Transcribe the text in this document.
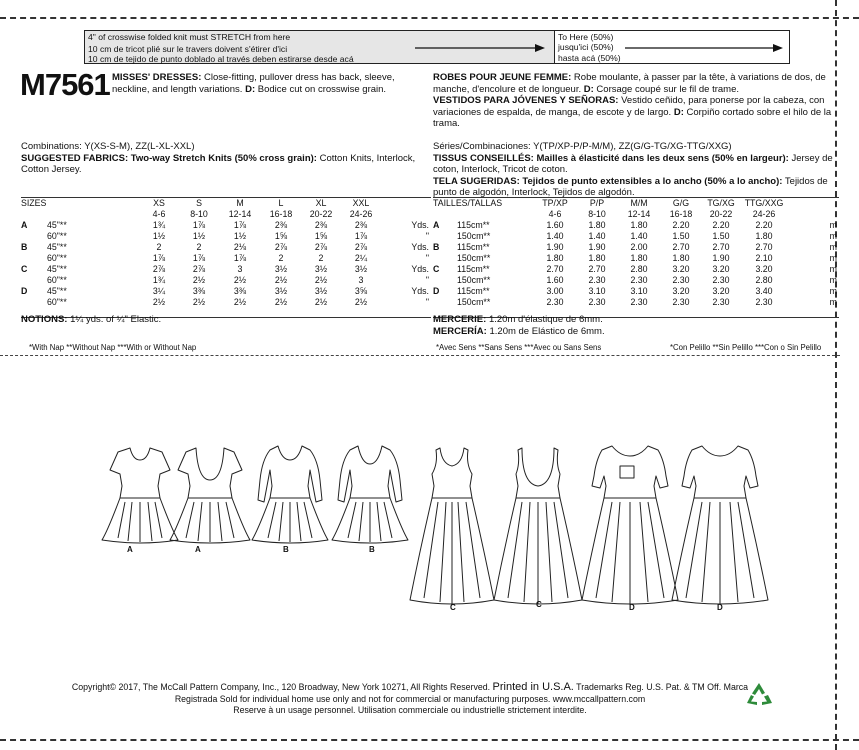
4" of crosswise folded knit must STRETCH from here
10 cm de tricot plié sur le travers doivent s'étirer d'ici
10 cm de tejido de punto doblado al través deben estirarse desde acá
To Here (50%)
jusqu'ici (50%)
hasta acá (50%)
M7561 MISSES' DRESSES: Close-fitting, pullover dress has back, sleeve, neckline, and length variations. D: Bodice cut on crosswise grain.
ROBES POUR JEUNE FEMME: Robe moulante, à passer par la tête, à variations de dos, de manche, d'encolure et de longueur. D: Corsage coupé sur le fil de trame.
VESTIDOS PARA JÓVENES Y SEÑORAS: Vestido ceñido, para ponerse por la cabeza, con variaciones de espalda, de manga, de escote y de largo. D: Corpiño cortado sobre el hilo de la trama.
Combinations: Y(XS-S-M), ZZ(L-XL-XXL)
SUGGESTED FABRICS: Two-way Stretch Knits (50% cross grain): Cotton Knits, Interlock, Cotton Jersey.
Séries/Combinaciones: Y(TP/XP-P/P-M/M), ZZ(G/G-TG/XG-TTG/XXG)
TISSUS CONSEILLÉS: Mailles à élasticité dans les deux sens (50% en largeur): Jersey de coton, Interlock, Tricot de coton.
TELA SUGERIDAS: Tejidos de punto extensibles a lo ancho (50% a lo ancho): Tejidos de punto de algodón, Interlock, Tejidos de algodón.
SIZES		XS	S	M	L	XL	XXL	
		4-6	8-10	12-14	16-18	20-22	24-26	
A	45"**	1¾	1⅞	1⅞	2⅜	2⅜	2⅜	Yds.
	60"**	1½	1½	1½	1⅝	1⅝	1⅞	"
B	45"**	2	2	2⅛	2⅞	2⅞	2⅞	Yds.
	60"**	1⅞	1⅞	1⅞	2	2	2¼	"
C	45"**	2⅞	2⅞	3	3½	3½	3½	Yds.
	60"**	1¾	2½	2½	2½	2½	3	"
D	45"**	3¼	3⅜	3⅜	3½	3½	3⅝	Yds.
	60"**	2½	2½	2½	2½	2½	2½	"
TAILLES/TALLAS		TP/XP	P/P	M/M	G/G	TG/XG	TTG/XXG	
		4-6	8-10	12-14	16-18	20-22	24-26	
A	115cm**	1.60	1.80	1.80	2.20	2.20	2.20	m
	150cm**	1.40	1.40	1.40	1.50	1.50	1.80	m
B	115cm**	1.90	1.90	2.00	2.70	2.70	2.70	m
	150cm**	1.80	1.80	1.80	1.80	1.90	2.10	m
C	115cm**	2.70	2.70	2.80	3.20	3.20	3.20	m
	150cm**	1.60	2.30	2.30	2.30	2.30	2.80	m
D	115cm**	3.00	3.10	3.10	3.20	3.20	3.40	m
	150cm**	2.30	2.30	2.30	2.30	2.30	2.30	m
NOTIONS: 1¼ yds. of ¼" Elastic.	MERCERIE: 1.20m d'élastique de 6mm.
MERCERÍA: 1.20m de Elástico de 6mm.
*With Nap **Without Nap ***With or Without Nap	*Avec Sens **Sans Sens ***Avec ou Sans Sens	*Con Pelillo **Sin Pelillo ***Con o Sin Pelillo
A	A	B	B
C	C	D	D
Copyright© 2017, The McCall Pattern Company, Inc., 120 Broadway, New York 10271, All Rights Reserved. Printed in U.S.A. Trademarks Reg. U.S. Pat. & TM Off. Marca
Registrada Sold for individual home use only and not for commercial or manufacturing purposes. www.mccallpattern.com
Reserve à un usage personnel. Utilisation commerciale ou industrielle strictement interdite.
